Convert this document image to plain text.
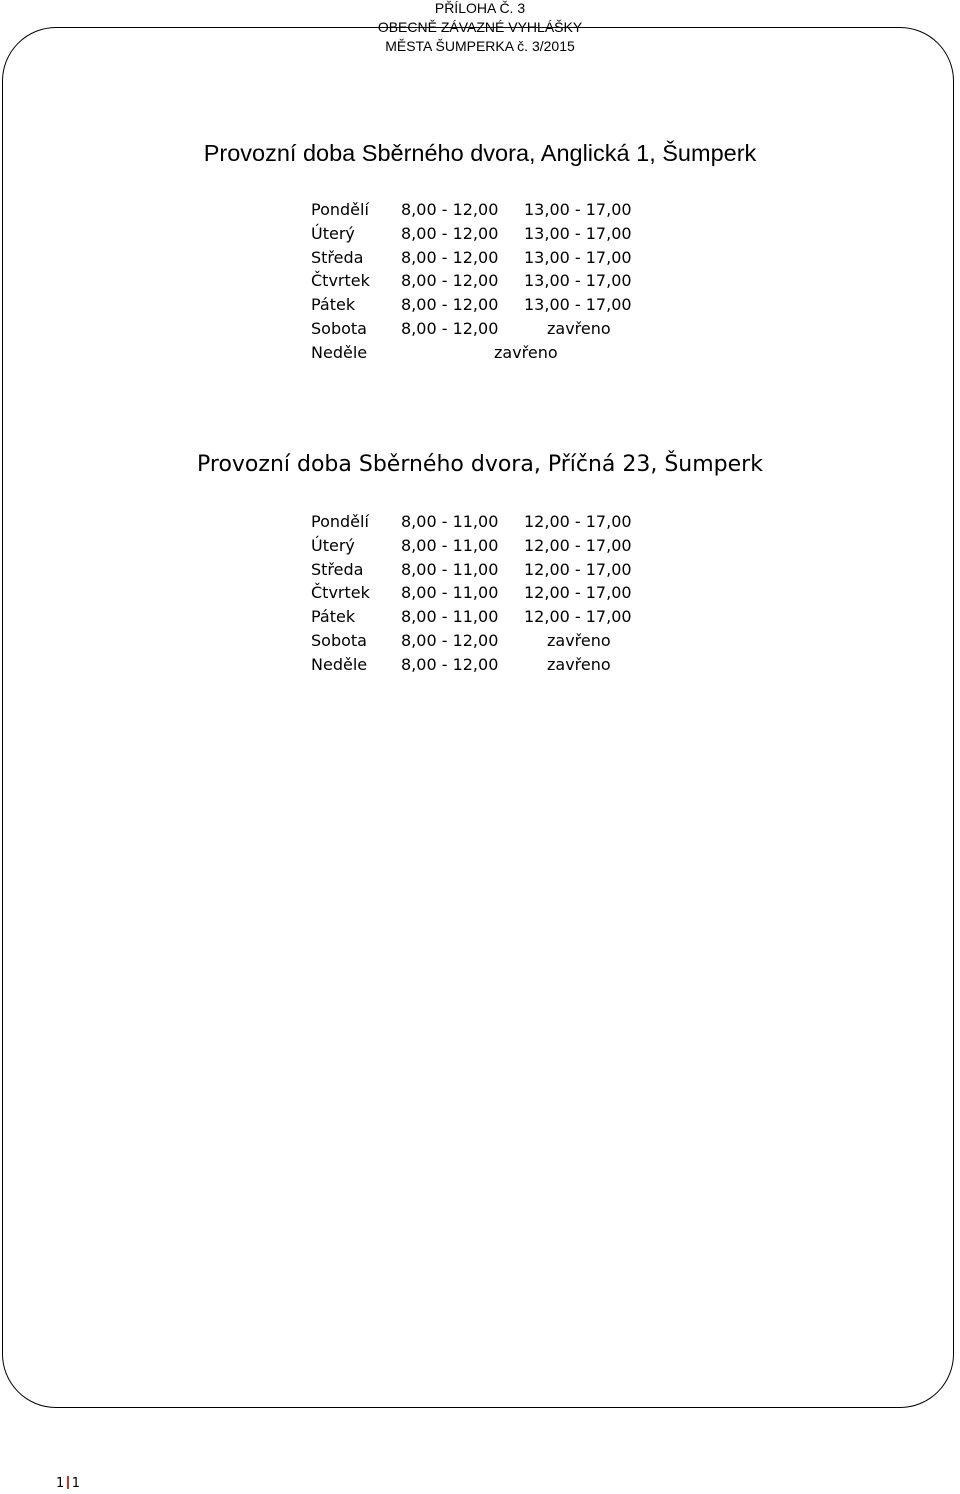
PŘÍLOHA Č. 3
OBECNĚ ZÁVAZNÉ VYHLÁŠKY
MĚSTA ŠUMPERKA č. 3/2015
Provozní doba Sběrného dvora, Anglická 1, Šumperk
Pondělí 8,00 - 12,00 13,00 - 17,00
Úterý	8,00 - 12,00 13,00 - 17,00
Středa 8,00 - 12,00 13,00 - 17,00
Čtvrtek 8,00 - 12,00 13,00 - 17,00
Pátek	8,00 - 12,00 13,00 - 17,00
Sobota 8,00 - 12,00	zavřeno
Neděle	zavřeno
Provozní doba Sběrného dvora, Příčná 23, Šumperk
Pondělí 8,00 - 11,00 12,00 - 17,00
Úterý	8,00 - 11,00 12,00 - 17,00
Středa 8,00 - 11,00 12,00 - 17,00
Čtvrtek 8,00 - 11,00 12,00 - 17,00
Pátek	8,00 - 11,00 12,00 - 17,00
Sobota 8,00 - 12,00	zavřeno
Neděle 8,00 - 12,00	zavřeno
1 1
